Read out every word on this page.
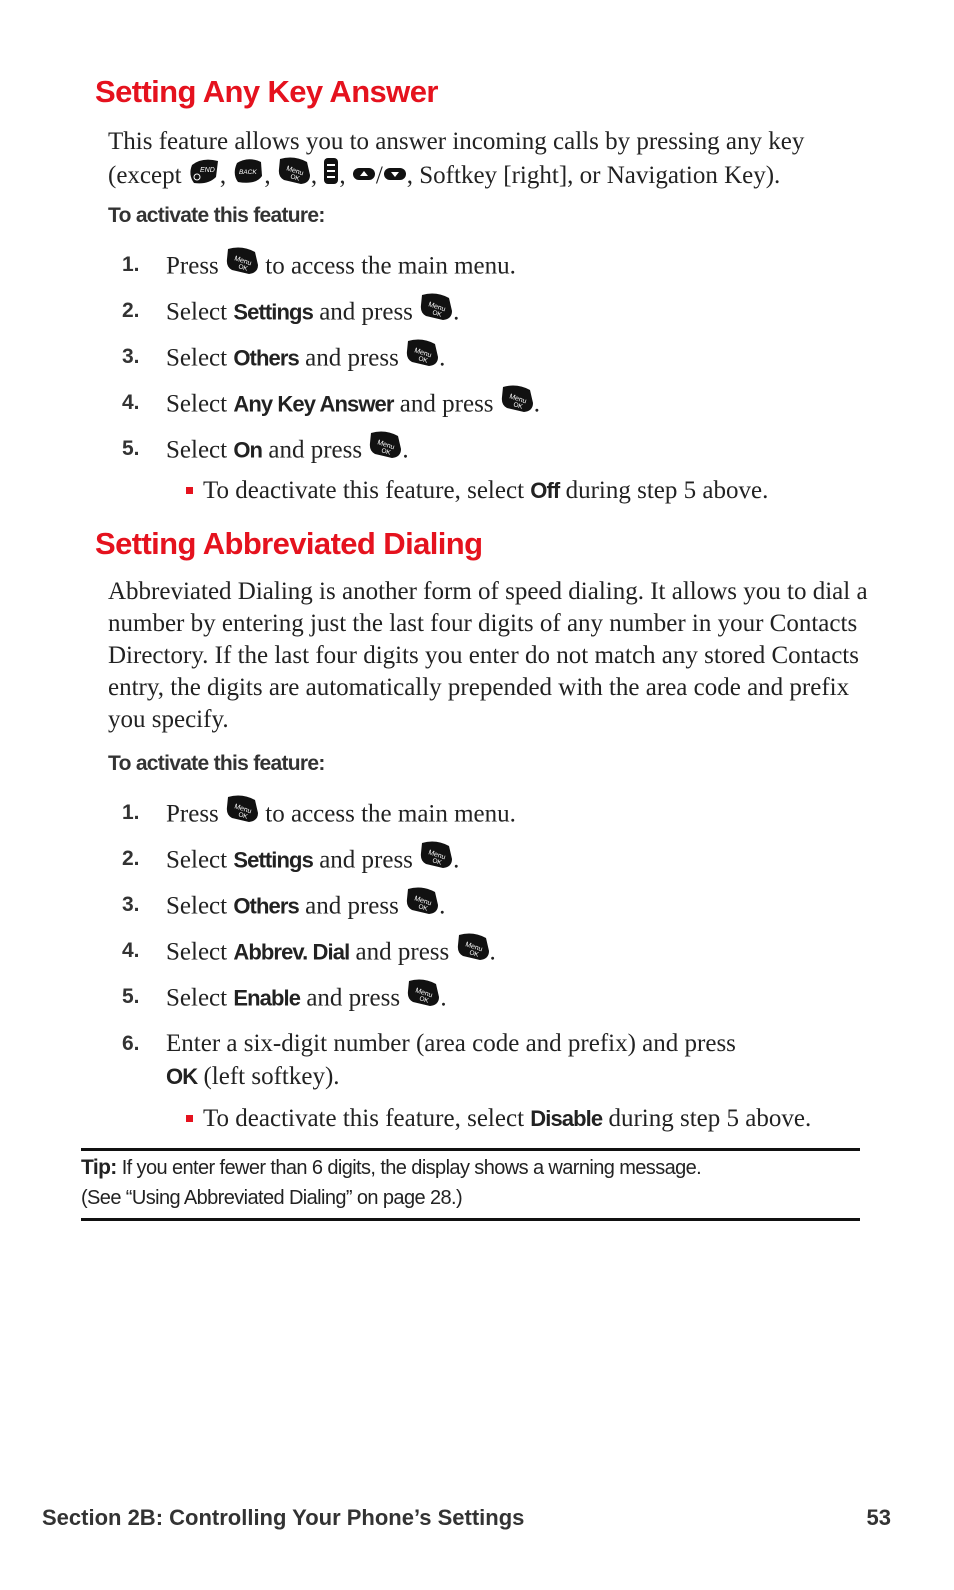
Setting Any Key Answer

This feature allows you to answer incoming calls by pressing any key
(except	END , BACK , , , / , Softkey [right], or Navigation Key).

To activate this feature:
1.	Press to access the main menu.
2.	Select Settings and press .
3.	Select Others and press .
4.	Select Any Key Answer and press .
5.	Select On and press .
To deactivate this feature, select Off during step 5 above.
Setting Abbreviated Dialing

Abbreviated Dialing is another form of speed dialing. It allows you to dial a number by entering just the last four digits of any number in your Contacts Directory. If the last four digits you enter do not match any stored Contacts entry, the digits are automatically prepended with the area code and prefix you specify.

To activate this feature:
1.	Press to access the main menu.
2.	Select Settings and press .
3.	Select Others and press .
4.	Select Abbrev. Dial and press .
5.	Select Enable and press .
6.	Enter a six-digit number (area code and prefix) and press
OK (left softkey).
To deactivate this feature, select Disable during step 5 above.
Tip: If you enter fewer than 6 digits, the display shows a warning message.
(See “Using Abbreviated Dialing” on page 28.)
Section 2B: Controlling Your Phone’s Settings	53
